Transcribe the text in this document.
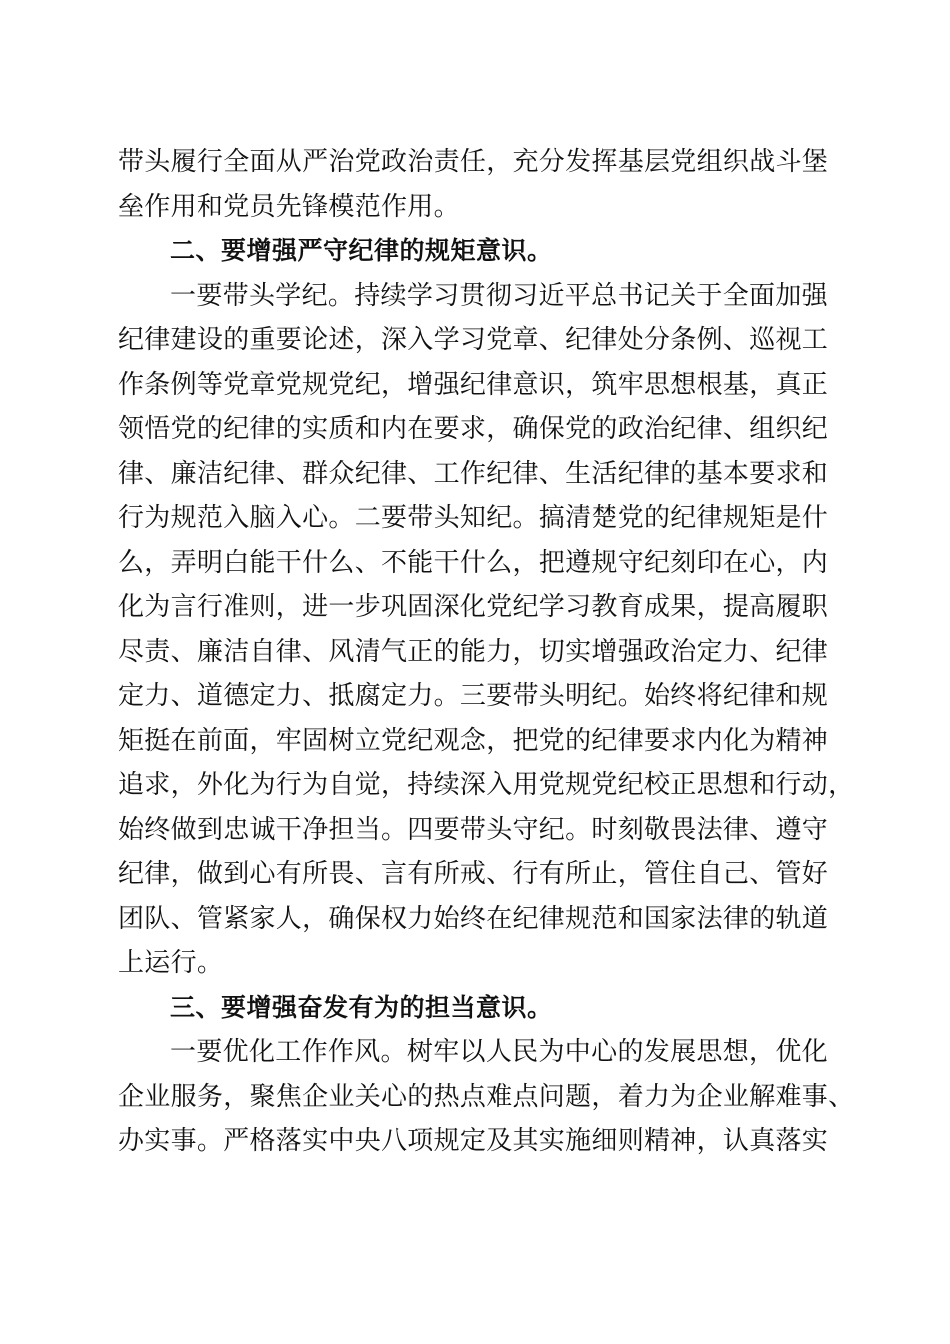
带头履行全面从严治党政治责任，充分发挥基层党组织战斗堡
垒作用和党员先锋模范作用。
二、要增强严守纪律的规矩意识。
一要带头学纪。持续学习贯彻习近平总书记关于全面加强
纪律建设的重要论述，深入学习党章、纪律处分条例、巡视工
作条例等党章党规党纪，增强纪律意识，筑牢思想根基，真正
领悟党的纪律的实质和内在要求，确保党的政治纪律、组织纪
律、廉洁纪律、群众纪律、工作纪律、生活纪律的基本要求和
行为规范入脑入心。二要带头知纪。搞清楚党的纪律规矩是什
么，弄明白能干什么、不能干什么，把遵规守纪刻印在心，内
化为言行准则，进一步巩固深化党纪学习教育成果，提高履职
尽责、廉洁自律、风清气正的能力，切实增强政治定力、纪律
定力、道德定力、抵腐定力。三要带头明纪。始终将纪律和规
矩挺在前面，牢固树立党纪观念，把党的纪律要求内化为精神
追求，外化为行为自觉，持续深入用党规党纪校正思想和行动，
始终做到忠诚干净担当。四要带头守纪。时刻敬畏法律、遵守
纪律，做到心有所畏、言有所戒、行有所止，管住自己、管好
团队、管紧家人，确保权力始终在纪律规范和国家法律的轨道
上运行。
三、要增强奋发有为的担当意识。
一要优化工作作风。树牢以人民为中心的发展思想，优化
企业服务，聚焦企业关心的热点难点问题，着力为企业解难事、
办实事。严格落实中央八项规定及其实施细则精神，认真落实
